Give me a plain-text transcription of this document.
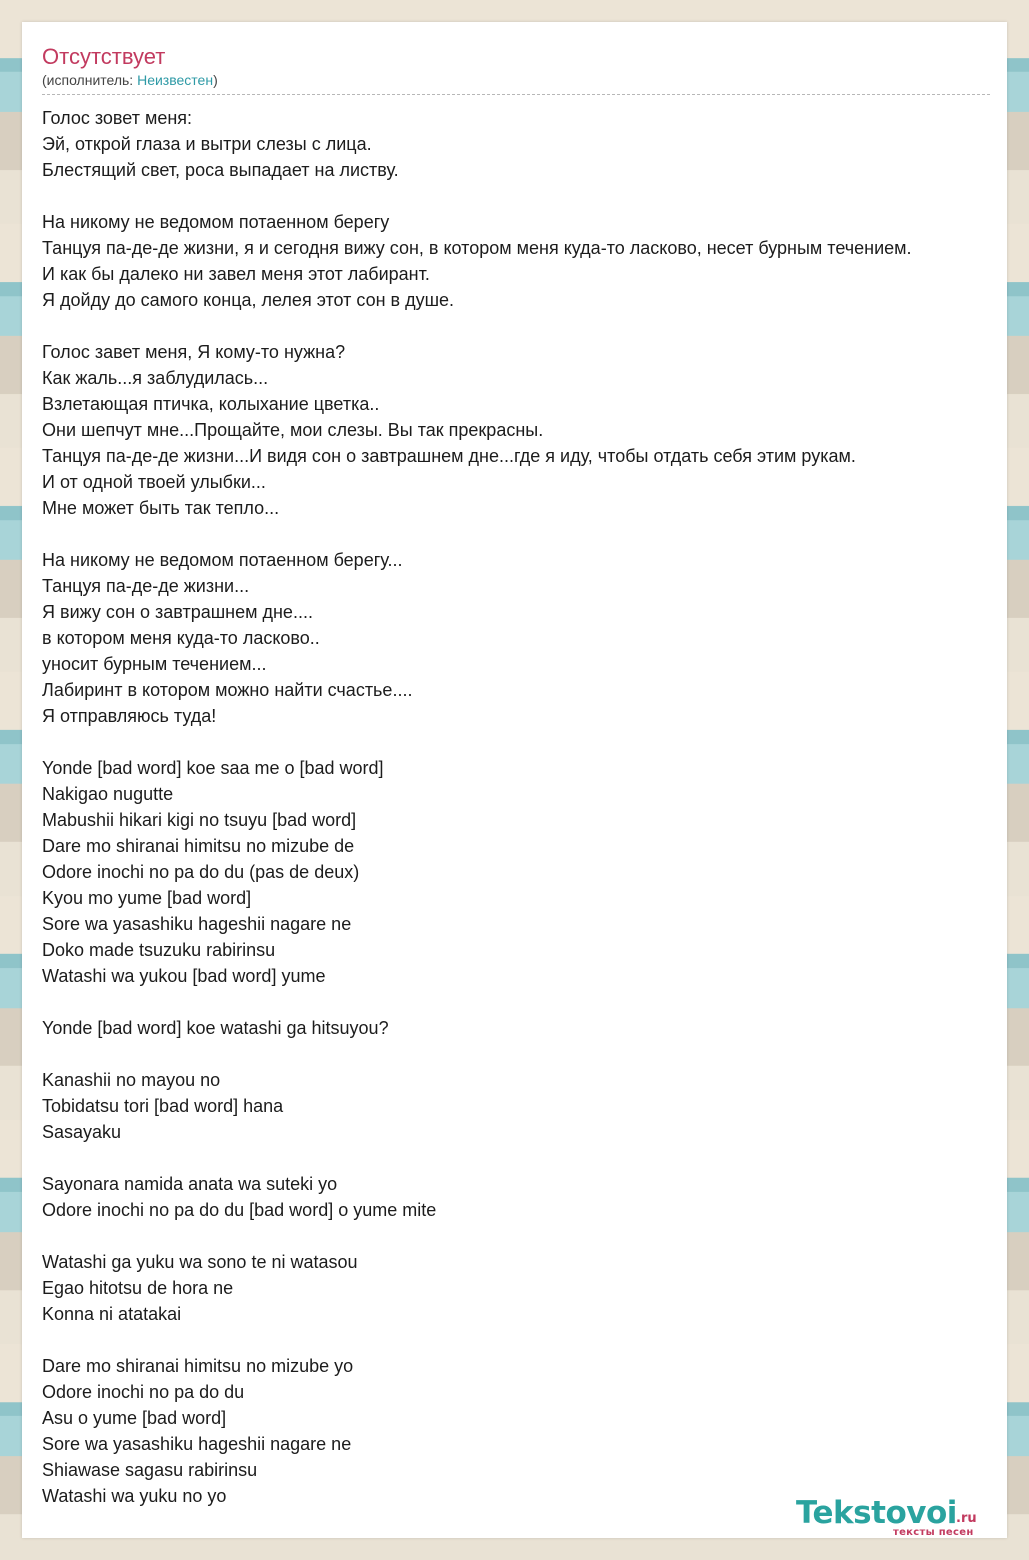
Отсутствует
(исполнитель: Неизвестен)
Голос зовет меня:
Эй, открой глаза и вытри слезы с лица.
Блестящий свет, роса выпадает на листву.
На никому не ведомом потаенном берегу
Танцуя па-де-де жизни, я и сегодня вижу сон, в котором меня куда-то ласково, несет бурным течением.
И как бы далеко ни завел меня этот лабирант.
Я дойду до самого конца, лелея этот сон в душе.
Голос завет меня, Я кому-то нужна?
Как жаль...я заблудилась...
Взлетающая птичка, колыхание цветка..
Они шепчут мне...Прощайте, мои слезы. Вы так прекрасны.
Танцуя па-де-де жизни...И видя сон о завтрашнем дне...где я иду, чтобы отдать себя этим рукам.
И от одной твоей улыбки...
Мне может быть так тепло...
На никому не ведомом потаенном берегу...
Танцуя па-де-де жизни...
Я вижу сон о завтрашнем дне....
в котором меня куда-то ласково..
уносит бурным течением...
Лабиринт в котором можно найти счастье....
Я отправляюсь туда!
Yonde [bad word] koe saa me o [bad word]
Nakigao nugutte
Mabushii hikari kigi no tsuyu [bad word]
Dare mo shiranai himitsu no mizube de
Odore inochi no pa do du (pas de deux)
Kyou mo yume [bad word]
Sore wa yasashiku hageshii nagare ne
Doko made tsuzuku rabirinsu
Watashi wa yukou [bad word] yume
Yonde [bad word] koe watashi ga hitsuyou?
Kanashii no mayou no
Tobidatsu tori [bad word] hana
Sasayaku
Sayonara namida anata wa suteki yo
Odore inochi no pa do du [bad word] o yume mite
Watashi ga yuku wa sono te ni watasou
Egao hitotsu de hora ne
Konna ni atatakai
Dare mo shiranai himitsu no mizube yo
Odore inochi no pa do du
Asu o yume [bad word]
Sore wa yasashiku hageshii nagare ne
Shiawase sagasu rabirinsu
Watashi wa yuku no yo	Tekstovoi .ru
тексты песен
